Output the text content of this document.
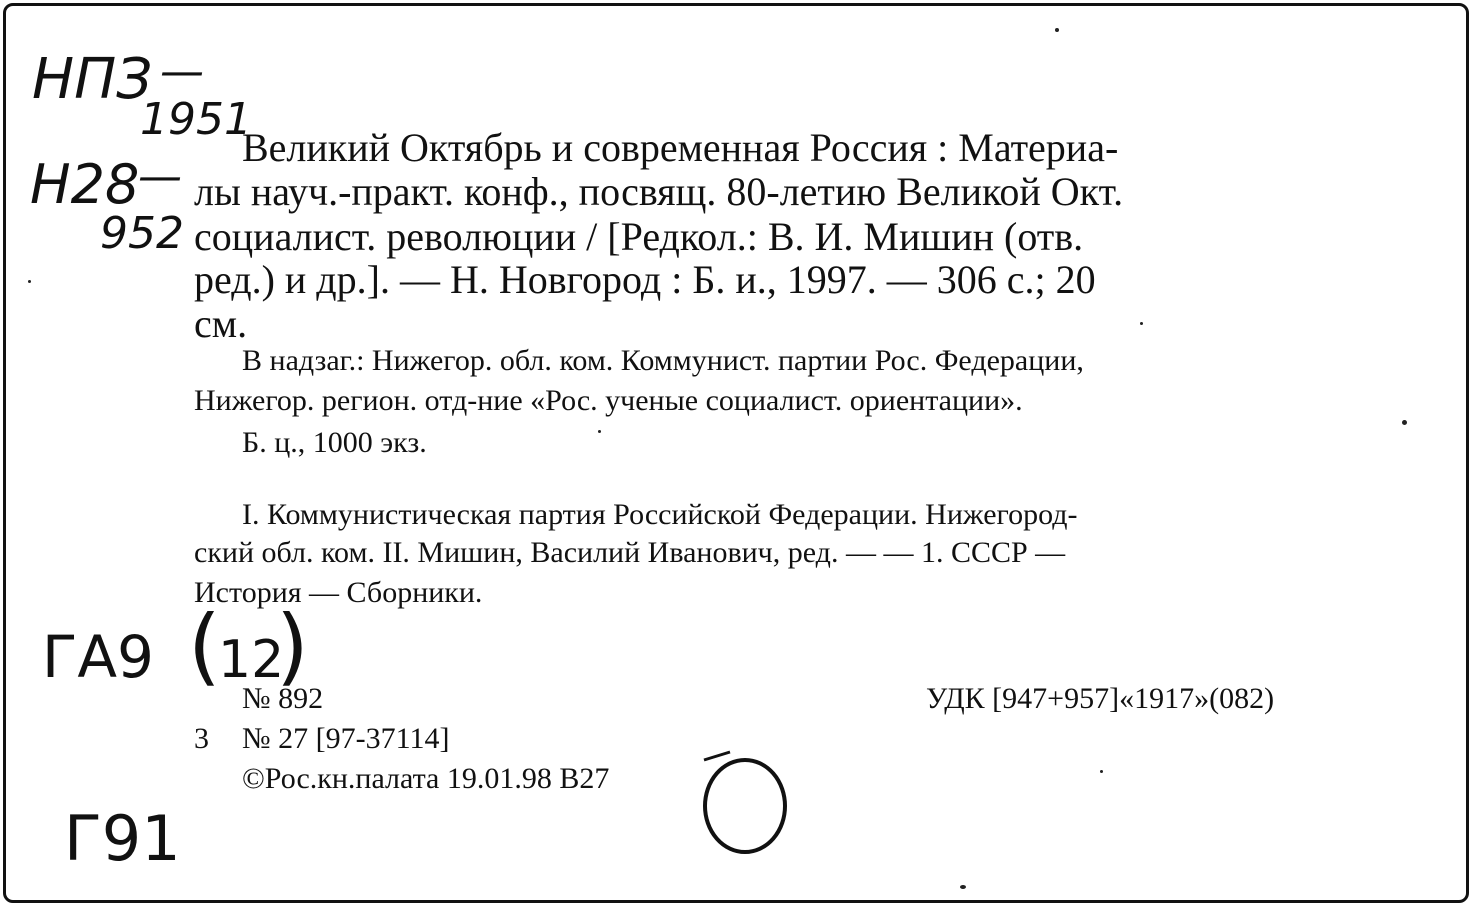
НПЗ —
1951
Н28
—
952
ГА9 (
12
)
Г91
Великий Октябрь и современная Россия : Материа-
лы науч.-практ. конф., посвящ. 80-летию Великой Окт.
социалист. революции / [Редкол.: В. И. Мишин (отв.
ред.) и др.]. — Н. Новгород : Б. и., 1997. — 306 с.; 20
см.
В надзаг.: Нижегор. обл. ком. Коммунист. партии Рос. Федерации,
Нижегор. регион. отд-ние «Рос. ученые социалист. ориентации».
Б. ц., 1000 экз.
I. Коммунистическая партия Российской Федерации. Нижегород-
ский обл. ком. II. Мишин, Василий Иванович, ред. — — 1. СССР —
История — Сборники.
№ 892	УДК [947+957]«1917»(082)
3 № 27 [97-37114]
©Рос.кн.палата 19.01.98 В27
